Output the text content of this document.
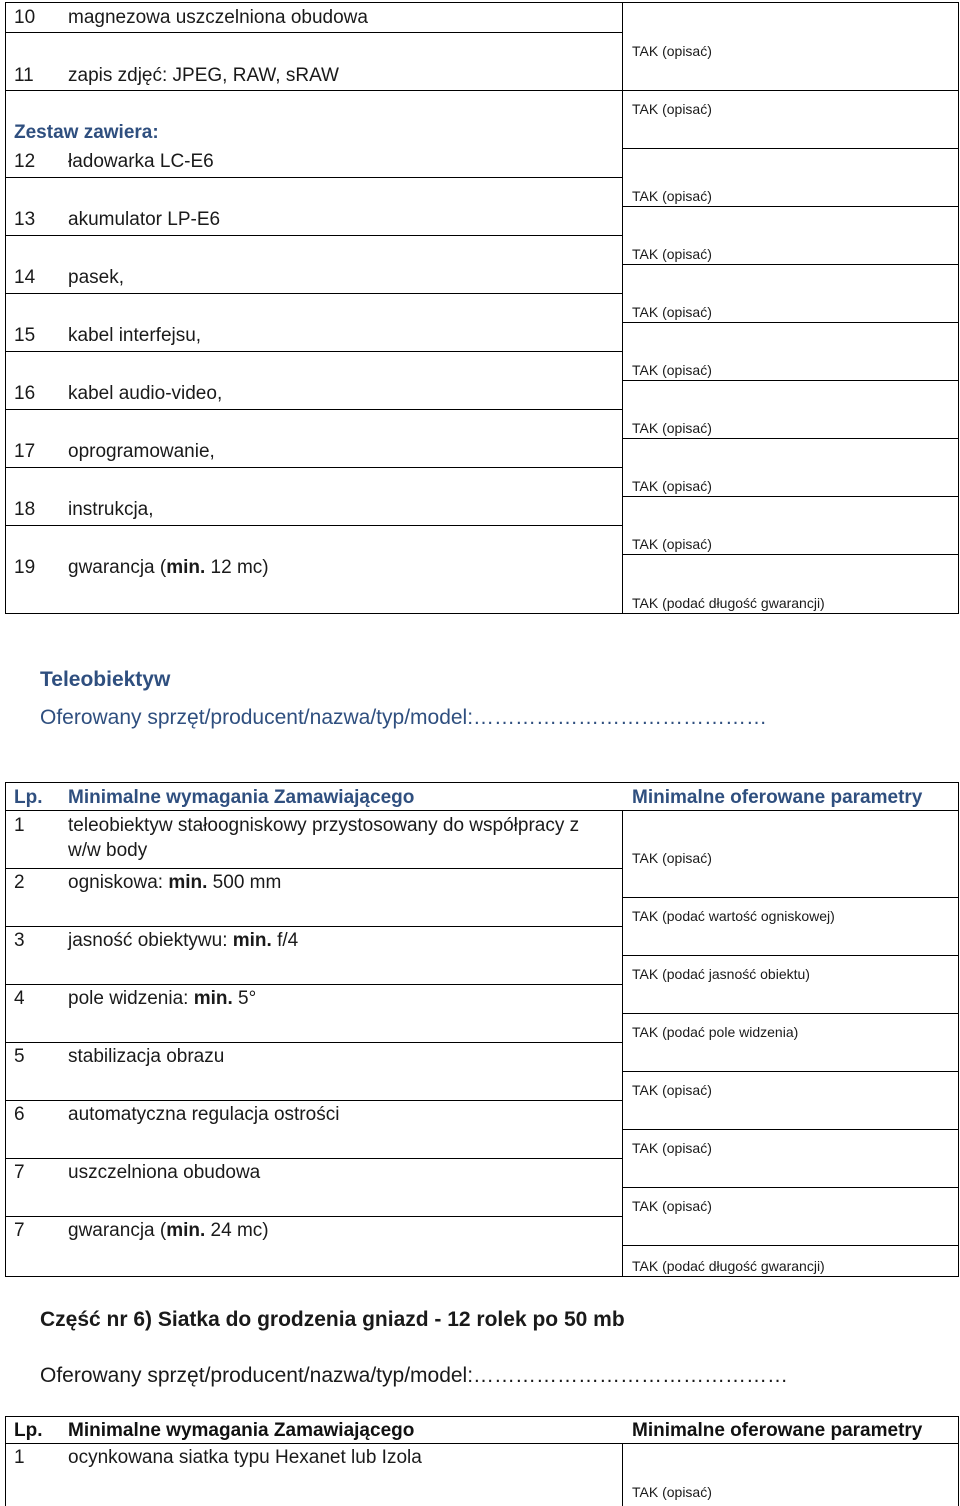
10 magnezowa uszczelniona obudowa
11 zapis zdjęć: JPEG, RAW, sRAW
Zestaw zawiera:
12 ładowarka LC-E6
13 akumulator LP-E6
14 pasek,
15 kabel interfejsu,
16 kabel audio-video,
17 oprogramowanie,
18 instrukcja,
19 gwarancja (min. 12 mc)
TAK (opisać)
TAK (opisać)
TAK (opisać)
TAK (opisać)
TAK (opisać)
TAK (opisać)
TAK (opisać)
TAK (opisać)
TAK (opisać)
TAK (podać długość gwarancji)
Teleobiektyw
Oferowany sprzęt/producent/nazwa/typ/model:……………………………………
Lp. Minimalne wymagania Zamawiającego	Minimalne oferowane parametry
1 teleobiektyw stałoogniskowy przystosowany do współpracy z
w/w body
2 ogniskowa: min. 500 mm
3 jasność obiektywu: min. f/4
4 pole widzenia: min. 5°
5 stabilizacja obrazu
6 automatyczna regulacja ostrości
7 uszczelniona obudowa
7 gwarancja (min. 24 mc)
TAK (opisać)
TAK (podać wartość ogniskowej)
TAK (podać jasność obiektu)
TAK (podać pole widzenia)
TAK (opisać)
TAK (opisać)
TAK (opisać)
TAK (podać długość gwarancji)
Część nr 6) Siatka do grodzenia gniazd - 12 rolek po 50 mb
Oferowany sprzęt/producent/nazwa/typ/model:………………………………………
Lp. Minimalne wymagania Zamawiającego	Minimalne oferowane parametry
1 ocynkowana siatka typu Hexanet lub Izola
TAK (opisać)
